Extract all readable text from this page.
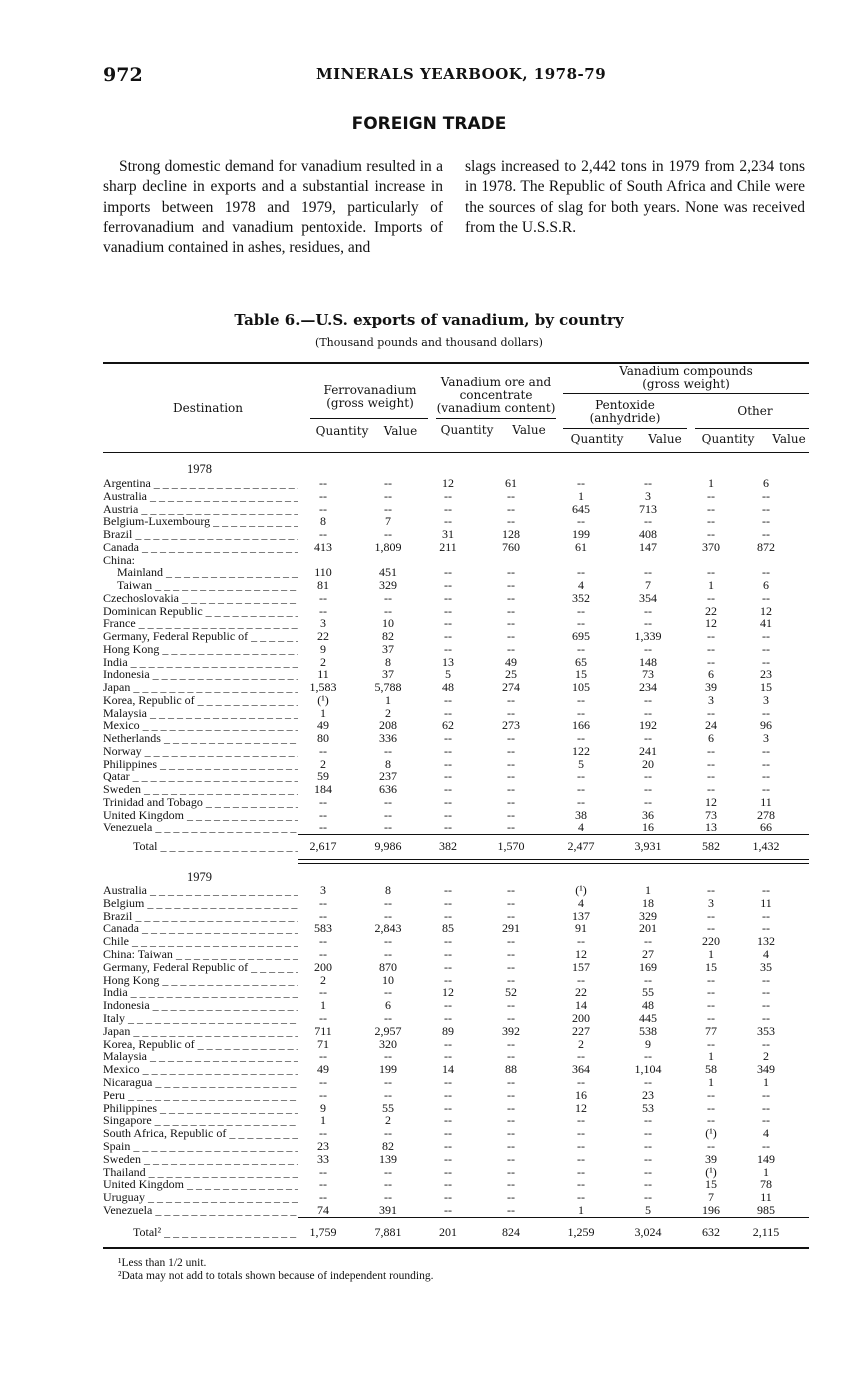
972	MINERALS YEARBOOK, 1978-79
FOREIGN TRADE
Strong domestic demand for vanadium resulted in a sharp decline in exports and a substantial increase in imports between 1978 and 1979, particularly of ferrovanadium and vanadium pentoxide. Imports of vanadium contained in ashes, residues, and
slags increased to 2,442 tons in 1979 from 2,234 tons in 1978. The Republic of South Africa and Chile were the sources of slag for both years. None was received from the U.S.S.R.
Table 6.—U.S. exports of vanadium, by country
(Thousand pounds and thousand dollars)
Destination
Ferrovanadium (gross weight)
Vanadium ore and concentrate (vanadium content)
Vanadium compounds (gross weight)
Pentoxide (anhydride)	Other
Quantity	Value	Quantity	Value
Quantity	Value	Quantity	Value
1978
Argentina _ _ _	--	--	12	61	--	--	1	6
Australia _ _ _	--	--	--	--	1	3	--	--
Austria _ _ _	--	--	--	--	645	713	--	--
Belgium-Luxembourg _ _ _	8	7	--	--	--	--	--	--
Brazil _ _ _	--	--	31	128	199	408	--	--
Canada _ _ _	413	1,809	211	760	61	147	370	872
China:
Mainland _ _ _	110	451	--	--	--	--	--	--
Taiwan _ _ _	81	329	--	--	4	7	1	6
Czechoslovakia _ _ _	--	--	--	--	352	354	--	--
Dominican Republic _ _ _	--	--	--	--	--	--	22	12
France _ _ _	3	10	--	--	--	--	12	41
Germany, Federal Republic of _ _ _	22	82	--	--	695	1,339	--	--
Hong Kong _ _ _	9	37	--	--	--	--	--	--
India _ _ _	2	8	13	49	65	148	--	--
Indonesia _ _ _	11	37	5	25	15	73	6	23
Japan _ _ _	1,583	5,788	48	274	105	234	39	15
Korea, Republic of _ _ _	(¹)	1	--	--	--	--	3	3
Malaysia _ _ _	1	2	--	--	--	--	--	--
Mexico _ _ _	49	208	62	273	166	192	24	96
Netherlands _ _ _	80	336	--	--	--	--	6	3
Norway _ _ _	--	--	--	--	122	241	--	--
Philippines _ _ _	2	8	--	--	5	20	--	--
Qatar _ _ _	59	237	--	--	--	--	--	--
Sweden _ _ _	184	636	--	--	--	--	--	--
Trinidad and Tobago _ _ _	--	--	--	--	--	--	12	11
United Kingdom _ _ _	--	--	--	--	38	36	73	278
Venezuela _ _ _	--	--	--	--	4	16	13	66
Total _ _ _	2,617	9,986	382	1,570	2,477	3,931	582	1,432
1979
Australia _ _ _	3	8	--	--	(¹)	1	--	--
Belgium _ _ _	--	--	--	--	4	18	3	11
Brazil _ _ _	--	--	--	--	137	329	--	--
Canada _ _ _	583	2,843	85	291	91	201	--	--
Chile _ _ _	--	--	--	--	--	--	220	132
China: Taiwan _ _ _	--	--	--	--	12	27	1	4
Germany, Federal Republic of _ _ _	200	870	--	--	157	169	15	35
Hong Kong _ _ _	2	10	--	--	--	--	--	--
India _ _ _	--	--	12	52	22	55	--	--
Indonesia _ _ _	1	6	--	--	14	48	--	--
Italy _ _ _	--	--	--	--	200	445	--	--
Japan _ _ _	711	2,957	89	392	227	538	77	353
Korea, Republic of _ _ _	71	320	--	--	2	9	--	--
Malaysia _ _ _	--	--	--	--	--	--	1	2
Mexico _ _ _	49	199	14	88	364	1,104	58	349
Nicaragua _ _ _	--	--	--	--	--	--	1	1
Peru _ _ _	--	--	--	--	16	23	--	--
Philippines _ _ _	9	55	--	--	12	53	--	--
Singapore _ _ _	1	2	--	--	--	--	--	--
South Africa, Republic of _ _ _	--	--	--	--	--	--	(¹)	4
Spain _ _ _	23	82	--	--	--	--	--	--
Sweden _ _ _	33	139	--	--	--	--	39	149
Thailand _ _ _	--	--	--	--	--	--	(¹)	1
United Kingdom _ _ _	--	--	--	--	--	--	15	78
Uruguay _ _ _	--	--	--	--	--	--	7	11
Venezuela _ _ _	74	391	--	--	1	5	196	985
Total² _ _ _	1,759	7,881	201	824	1,259	3,024	632	2,115
¹Less than 1/2 unit.
²Data may not add to totals shown because of independent rounding.
